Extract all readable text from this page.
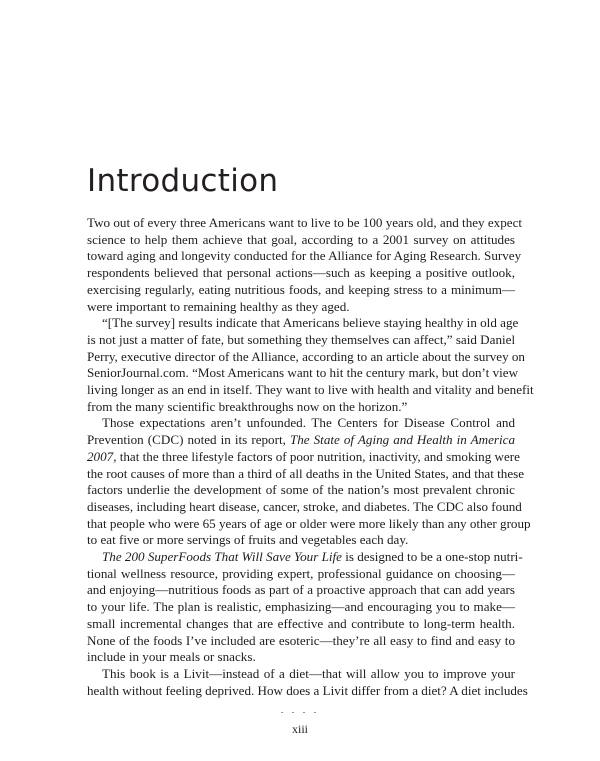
Introduction
Two out of every three Americans want to live to be 100 years old, and they expect
science to help them achieve that goal, according to a 2001 survey on attitudes
toward aging and longevity conducted for the Alliance for Aging Research. Survey
respondents believed that personal actions—such as keeping a positive outlook,
exercising regularly, eating nutritious foods, and keeping stress to a minimum—
were important to remaining healthy as they aged.
“[The survey] results indicate that Americans believe staying healthy in old age
is not just a matter of fate, but something they themselves can affect,” said Daniel
Perry, executive director of the Alliance, according to an article about the survey on
SeniorJournal.com. “Most Americans want to hit the century mark, but don’t view
living longer as an end in itself. They want to live with health and vitality and benefit
from the many scientific breakthroughs now on the horizon.”
Those expectations aren’t unfounded. The Centers for Disease Control and
Prevention (CDC) noted in its report, The State of Aging and Health in America
2007, that the three lifestyle factors of poor nutrition, inactivity, and smoking were
the root causes of more than a third of all deaths in the United States, and that these
factors underlie the development of some of the nation’s most prevalent chronic
diseases, including heart disease, cancer, stroke, and diabetes. The CDC also found
that people who were 65 years of age or older were more likely than any other group
to eat five or more servings of fruits and vegetables each day.
The 200 SuperFoods That Will Save Your Life is designed to be a one-stop nutri-
tional wellness resource, providing expert, professional guidance on choosing—
and enjoying—nutritious foods as part of a proactive approach that can add years
to your life. The plan is realistic, emphasizing—and encouraging you to make—
small incremental changes that are effective and contribute to long-term health.
None of the foods I’ve included are esoteric—they’re all easy to find and easy to
include in your meals or snacks.
This book is a Livit—instead of a diet—that will allow you to improve your
health without feeling deprived. How does a Livit differ from a diet? A diet includes
˜ ˜ ˜ ˜
xiii
